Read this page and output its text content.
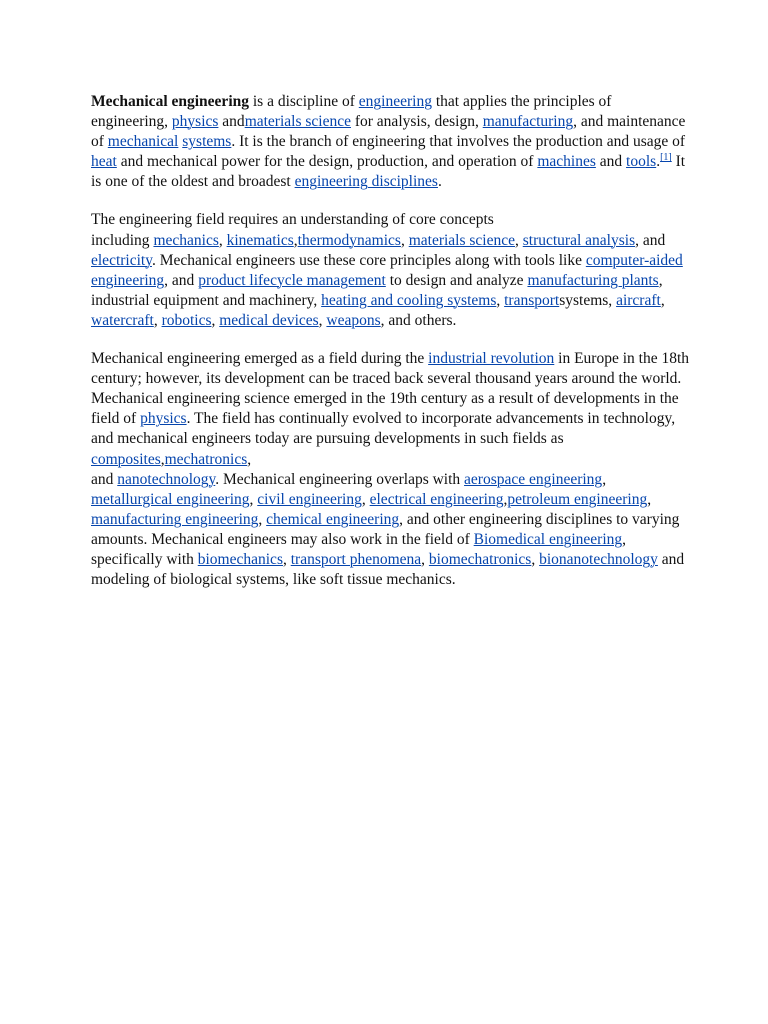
Mechanical engineering is a discipline of engineering that applies the principles of engineering, physics andmaterials science for analysis, design, manufacturing, and maintenance of mechanical systems. It is the branch of engineering that involves the production and usage of heat and mechanical power for the design, production, and operation of machines and tools.[1] It is one of the oldest and broadest engineering disciplines.

The engineering field requires an understanding of core concepts
including mechanics, kinematics,thermodynamics, materials science, structural analysis, and electricity. Mechanical engineers use these core principles along with tools like computer-aided engineering, and product lifecycle management to design and analyze manufacturing plants, industrial equipment and machinery, heating and cooling systems, transportsystems, aircraft, watercraft, robotics, medical devices, weapons, and others.

Mechanical engineering emerged as a field during the industrial revolution in Europe in the 18th century; however, its development can be traced back several thousand years around the world. Mechanical engineering science emerged in the 19th century as a result of developments in the field of physics. The field has continually evolved to incorporate advancements in technology, and mechanical engineers today are pursuing developments in such fields as composites,mechatronics,
and nanotechnology. Mechanical engineering overlaps with aerospace engineering, metallurgical engineering, civil engineering, electrical engineering,petroleum engineering, manufacturing engineering, chemical engineering, and other engineering disciplines to varying amounts. Mechanical engineers may also work in the field of Biomedical engineering, specifically with biomechanics, transport phenomena, biomechatronics, bionanotechnology and modeling of biological systems, like soft tissue mechanics.
